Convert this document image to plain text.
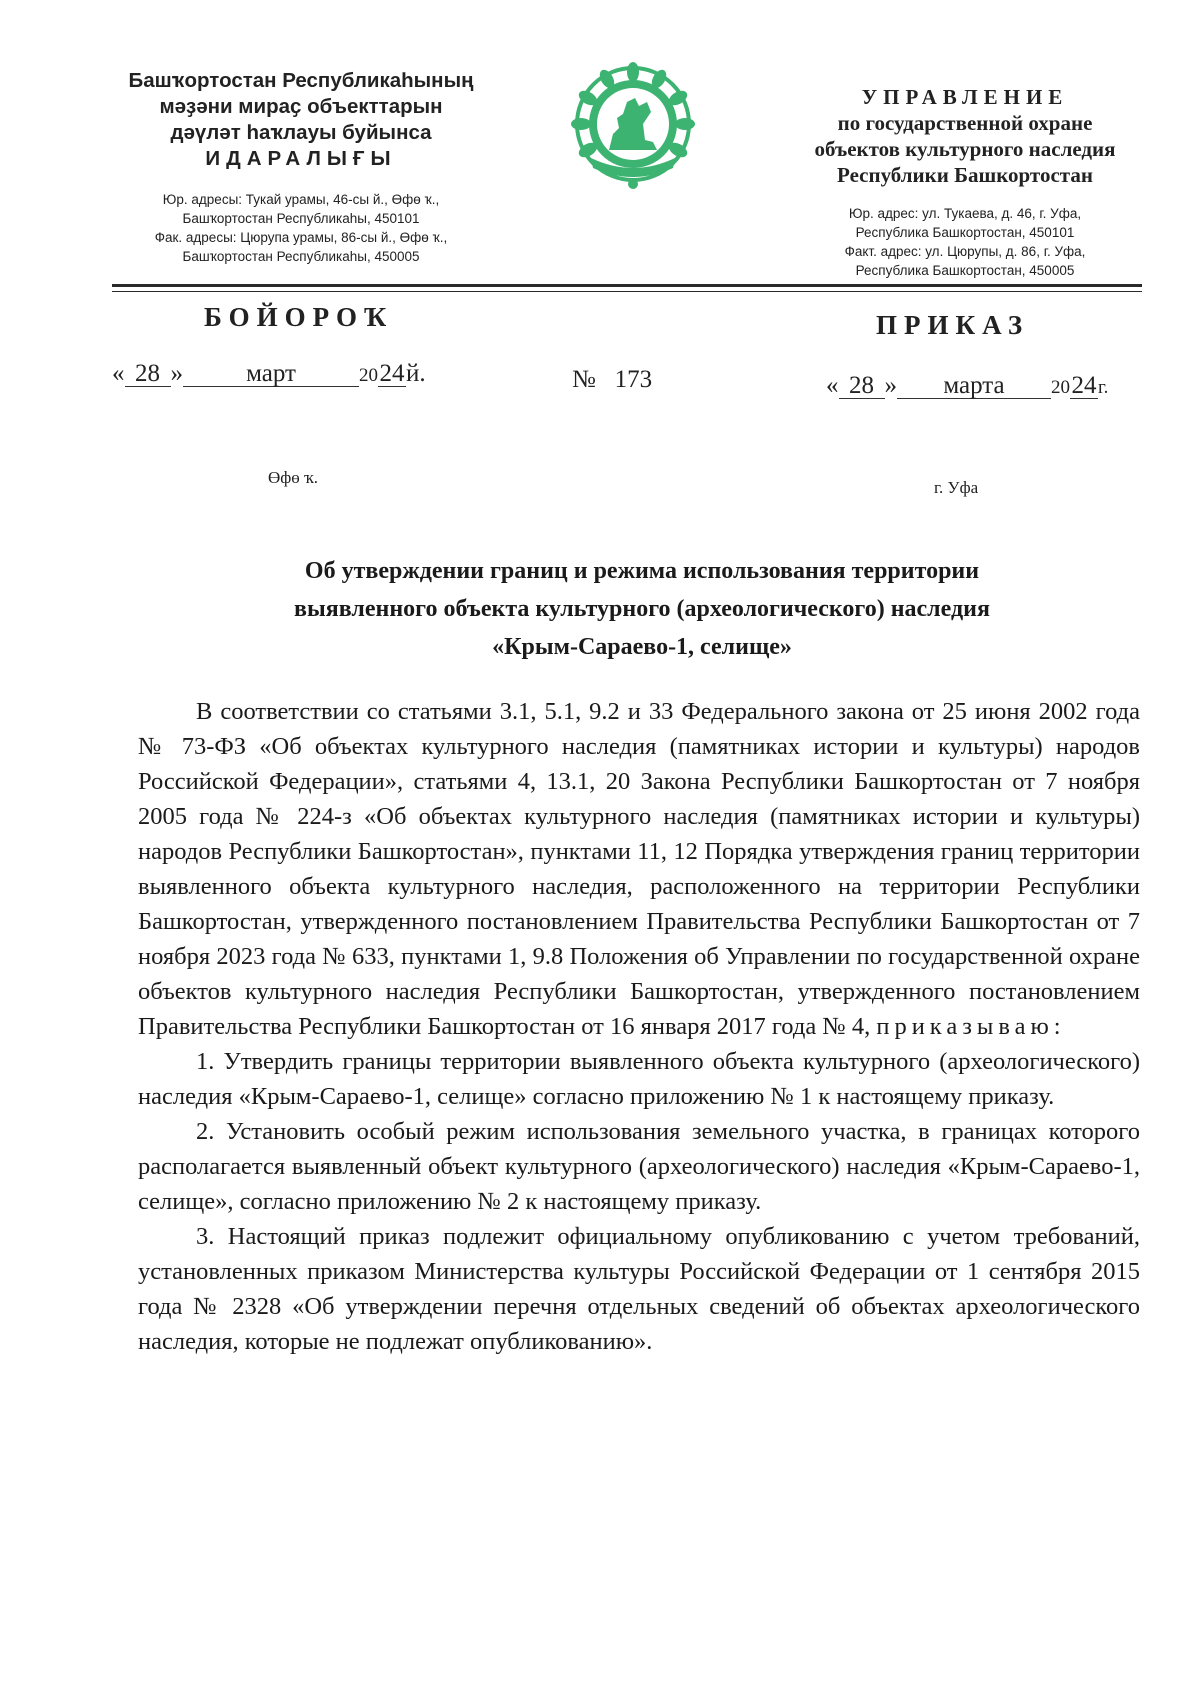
Башҡортостан Республикаһының
мәҙәни мираҫ объекттарын
дәүләт һаҡлауы буйынса
ИДАРАЛЫҒЫ
Юр. адресы: Тукай урамы, 46-сы й., Өфө ҡ.,
Башҡортостан Республикаһы, 450101
Фак. адресы: Цюрупа урамы, 86-сы й., Өфө ҡ.,
Башҡортостан Республикаһы, 450005
УПРАВЛЕНИЕ
по государственной охране
объектов культурного наследия
Республики Башкортостан
Юр. адрес: ул. Тукаева, д. 46, г. Уфа,
Республика Башкортостан, 450101
Факт. адрес: ул. Цюрупы, д. 86, г. Уфа,
Республика Башкортостан, 450005
БОЙОРОҠ	ПРИКАЗ
« 28 »	март	2024й.	№ 173	« 28 » марта 2024г.
Өфө ҡ.
г. Уфа
Об утверждении границ и режима использования территории
выявленного объекта культурного (археологического) наследия
«Крым-Сараево-1, селище»

В соответствии со статьями 3.1, 5.1, 9.2 и 33 Федерального закона от 25 июня 2002 года № 73-ФЗ «Об объектах культурного наследия (памятниках истории и культуры) народов Российской Федерации», статьями 4, 13.1, 20 Закона Республики Башкортостан от 7 ноября 2005 года № 224-з «Об объектах культурного наследия (памятниках истории и культуры) народов Республики Башкортостан», пунктами 11, 12 Порядка утверждения границ территории выявленного объекта культурного наследия, расположенного на территории Республики Башкортостан, утвержденного постановлением Правительства Республики Башкортостан от 7 ноября 2023 года № 633, пунктами 1, 9.8 Положения об Управлении по государственной охране объектов культурного наследия Республики Башкортостан, утвержденного постановлением Правительства Республики Башкортостан от 16 января 2017 года № 4, приказываю:

1. Утвердить границы территории выявленного объекта культурного (археологического) наследия «Крым-Сараево-1, селище» согласно приложению № 1 к настоящему приказу.

2. Установить особый режим использования земельного участка, в границах которого располагается выявленный объект культурного (археологического) наследия «Крым-Сараево-1, селище», согласно приложению № 2 к настоящему приказу.

3. Настоящий приказ подлежит официальному опубликованию с учетом требований, установленных приказом Министерства культуры Российской Федерации от 1 сентября 2015 года № 2328 «Об утверждении перечня отдельных сведений об объектах археологического наследия, которые не подлежат опубликованию».
